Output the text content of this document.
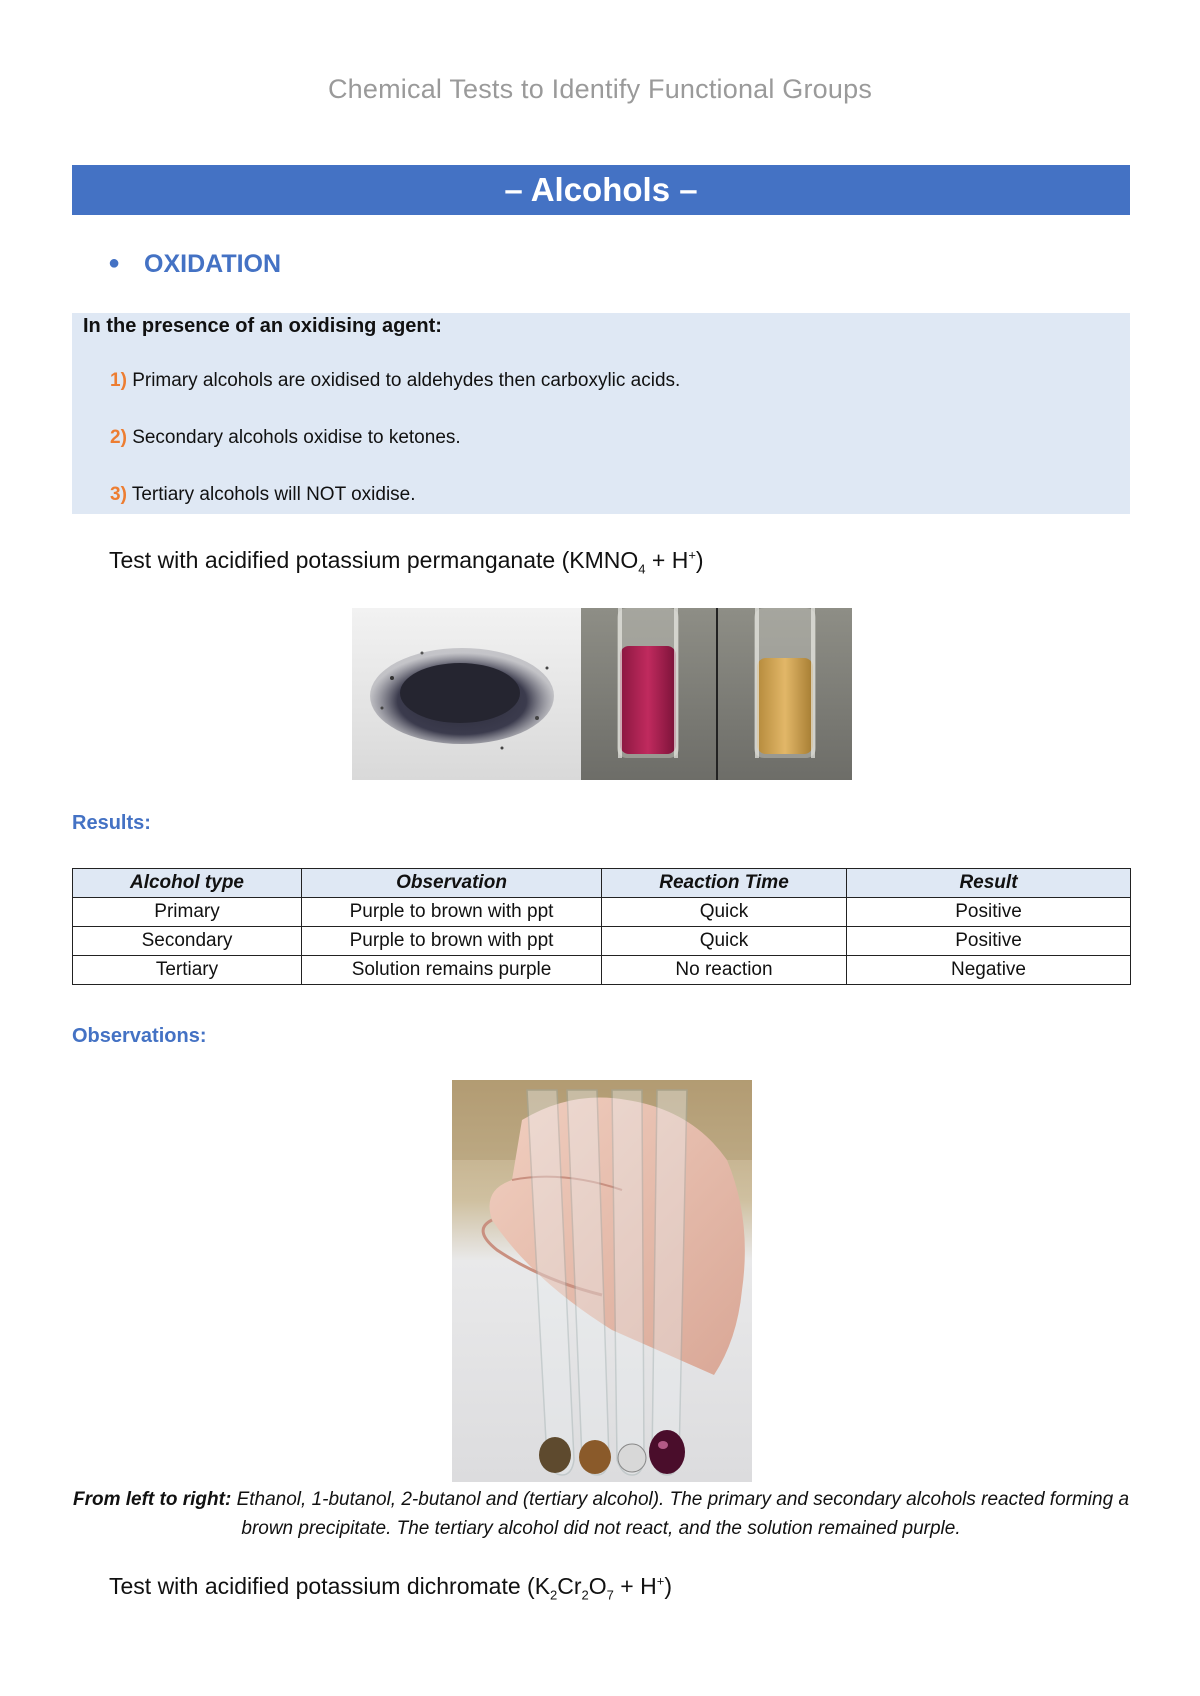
Chemical Tests to Identify Functional Groups
– Alcohols –
● OXIDATION
In the presence of an oxidising agent:
1) Primary alcohols are oxidised to aldehydes then carboxylic acids.
2) Secondary alcohols oxidise to ketones.
3) Tertiary alcohols will NOT oxidise.
Test with acidified potassium permanganate $(KMNO_4 + H^+)$
Results:
Alcohol type	Observation	Reaction Time	Result
Primary	Purple to brown with ppt	Quick	Positive
Secondary	Purple to brown with ppt	Quick	Positive
Tertiary	Solution remains purple	No reaction	Negative
Observations:
From left to right: Ethanol, 1-butanol, 2-butanol and (tertiary alcohol). The primary and secondary alcohols reacted forming a brown precipitate. The tertiary alcohol did not react, and the solution remained purple.
Test with acidified potassium dichromate $(K_2Cr_2O_7 + H^+)$
